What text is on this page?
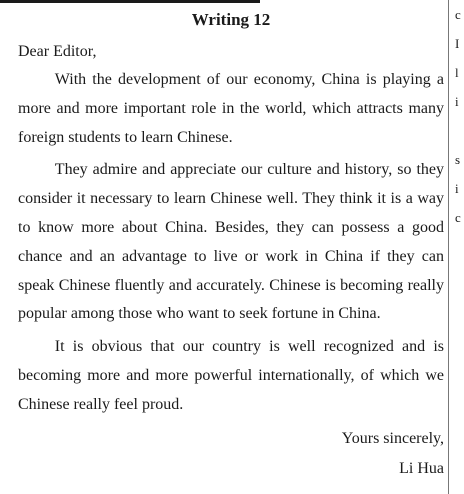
Writing 12

Dear Editor,

With the development of our economy, China is playing a more and more important role in the world, which attracts many foreign students to learn Chinese.

They admire and appreciate our culture and history, so they consider it necessary to learn Chinese well. They think it is a way to know more about China. Besides, they can possess a good chance and an advantage to live or work in China if they can speak Chinese fluently and accurately. Chinese is becoming really popular among those who want to seek fortune in China.

It is obvious that our country is well recognized and is becoming more and more powerful internationally, of which we Chinese really feel proud.

Yours sincerely,

Li Hua

c
I
l
i
s
i
c
